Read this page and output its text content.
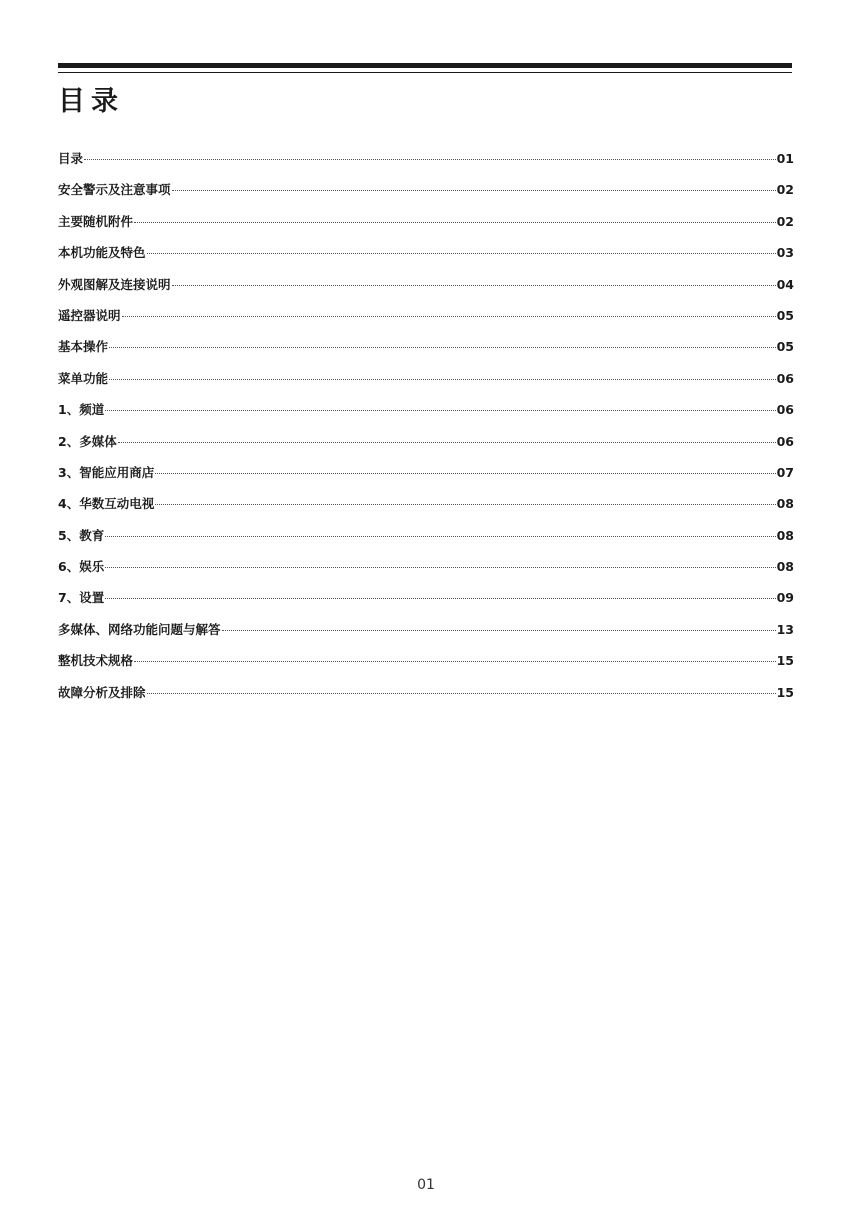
目录
目录	01
安全警示及注意事项	02
主要随机附件	02
本机功能及特色	03
外观图解及连接说明	04
遥控器说明	05
基本操作	05
菜单功能	06
1、频道	06
2、多媒体	06
3、智能应用商店	07
4、华数互动电视	08
5、教育	08
6、娱乐	08
7、设置	09
多媒体、网络功能问题与解答	13
整机技术规格	15
故障分析及排除	15
01
